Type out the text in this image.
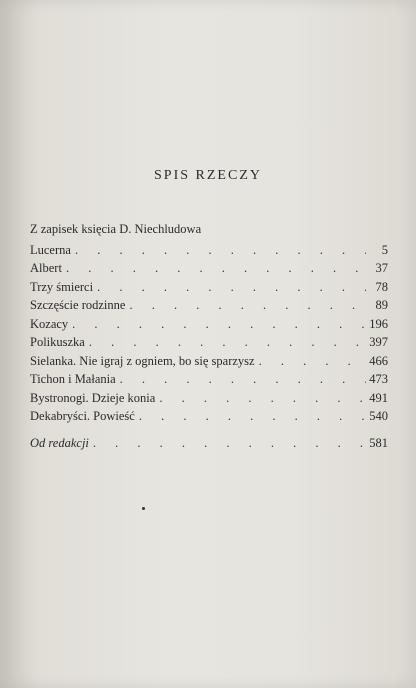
SPIS RZECZY
Z zapisek księcia D. Niechludowa
Lucerna . . .	5
Albert . . .	37
Trzy śmierci . . .	78
Szczęście rodzinne . . .	89
Kozacy . . .	196
Polikuszka . . .	397
Sielanka. Nie igraj z ogniem, bo się sparzysz . . .	466
Tichon i Małania . . .	473
Bystronogi. Dzieje konia . . .	491
Dekabryści. Powieść . . .	540
Od redakcji . . .	581
